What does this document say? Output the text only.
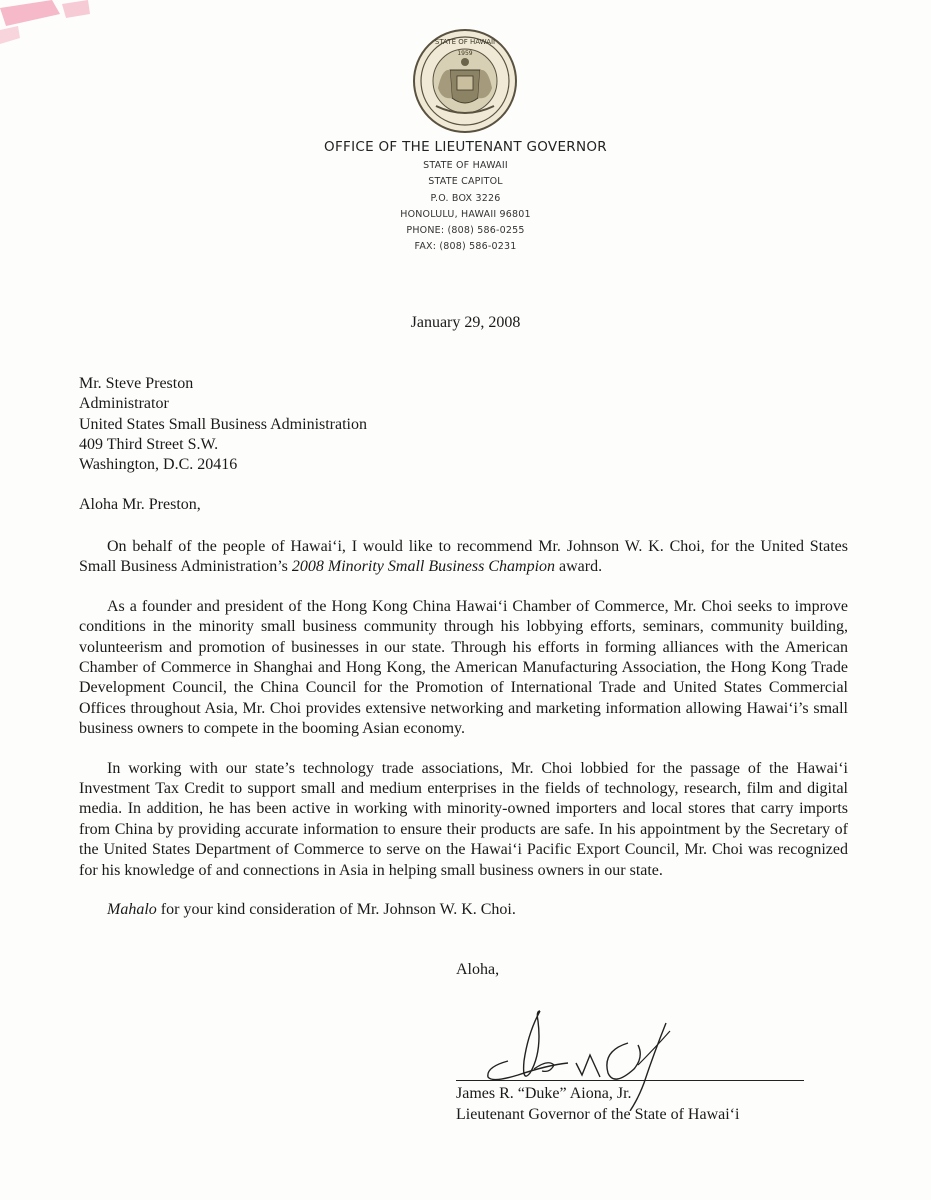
STATE OF HAWAII
1959
OFFICE OF THE LIEUTENANT GOVERNOR
STATE OF HAWAII
STATE CAPITOL
P.O. BOX 3226
HONOLULU, HAWAII 96801
PHONE: (808) 586-0255
FAX: (808) 586-0231
January 29, 2008
Mr. Steve Preston
Administrator
United States Small Business Administration
409 Third Street S.W.
Washington, D.C. 20416
Aloha Mr. Preston,

On behalf of the people of Hawai‘i, I would like to recommend Mr. Johnson W. K. Choi, for the United States Small Business Administration’s 2008 Minority Small Business Champion award.

As a founder and president of the Hong Kong China Hawai‘i Chamber of Commerce, Mr. Choi seeks to improve conditions in the minority small business community through his lobbying efforts, seminars, community building, volunteerism and promotion of businesses in our state. Through his efforts in forming alliances with the American Chamber of Commerce in Shanghai and Hong Kong, the American Manufacturing Association, the Hong Kong Trade Development Council, the China Council for the Promotion of International Trade and United States Commercial Offices throughout Asia, Mr. Choi provides extensive networking and marketing information allowing Hawai‘i’s small business owners to compete in the booming Asian economy.

In working with our state’s technology trade associations, Mr. Choi lobbied for the passage of the Hawai‘i Investment Tax Credit to support small and medium enterprises in the fields of technology, research, film and digital media. In addition, he has been active in working with minority-owned importers and local stores that carry imports from China by providing accurate information to ensure their products are safe. In his appointment by the Secretary of the United States Department of Commerce to serve on the Hawai‘i Pacific Export Council, Mr. Choi was recognized for his knowledge of and connections in Asia in helping small business owners in our state.

Mahalo for your kind consideration of Mr. Johnson W. K. Choi.

Aloha,
James R. “Duke” Aiona, Jr.
Lieutenant Governor of the State of Hawai‘i
